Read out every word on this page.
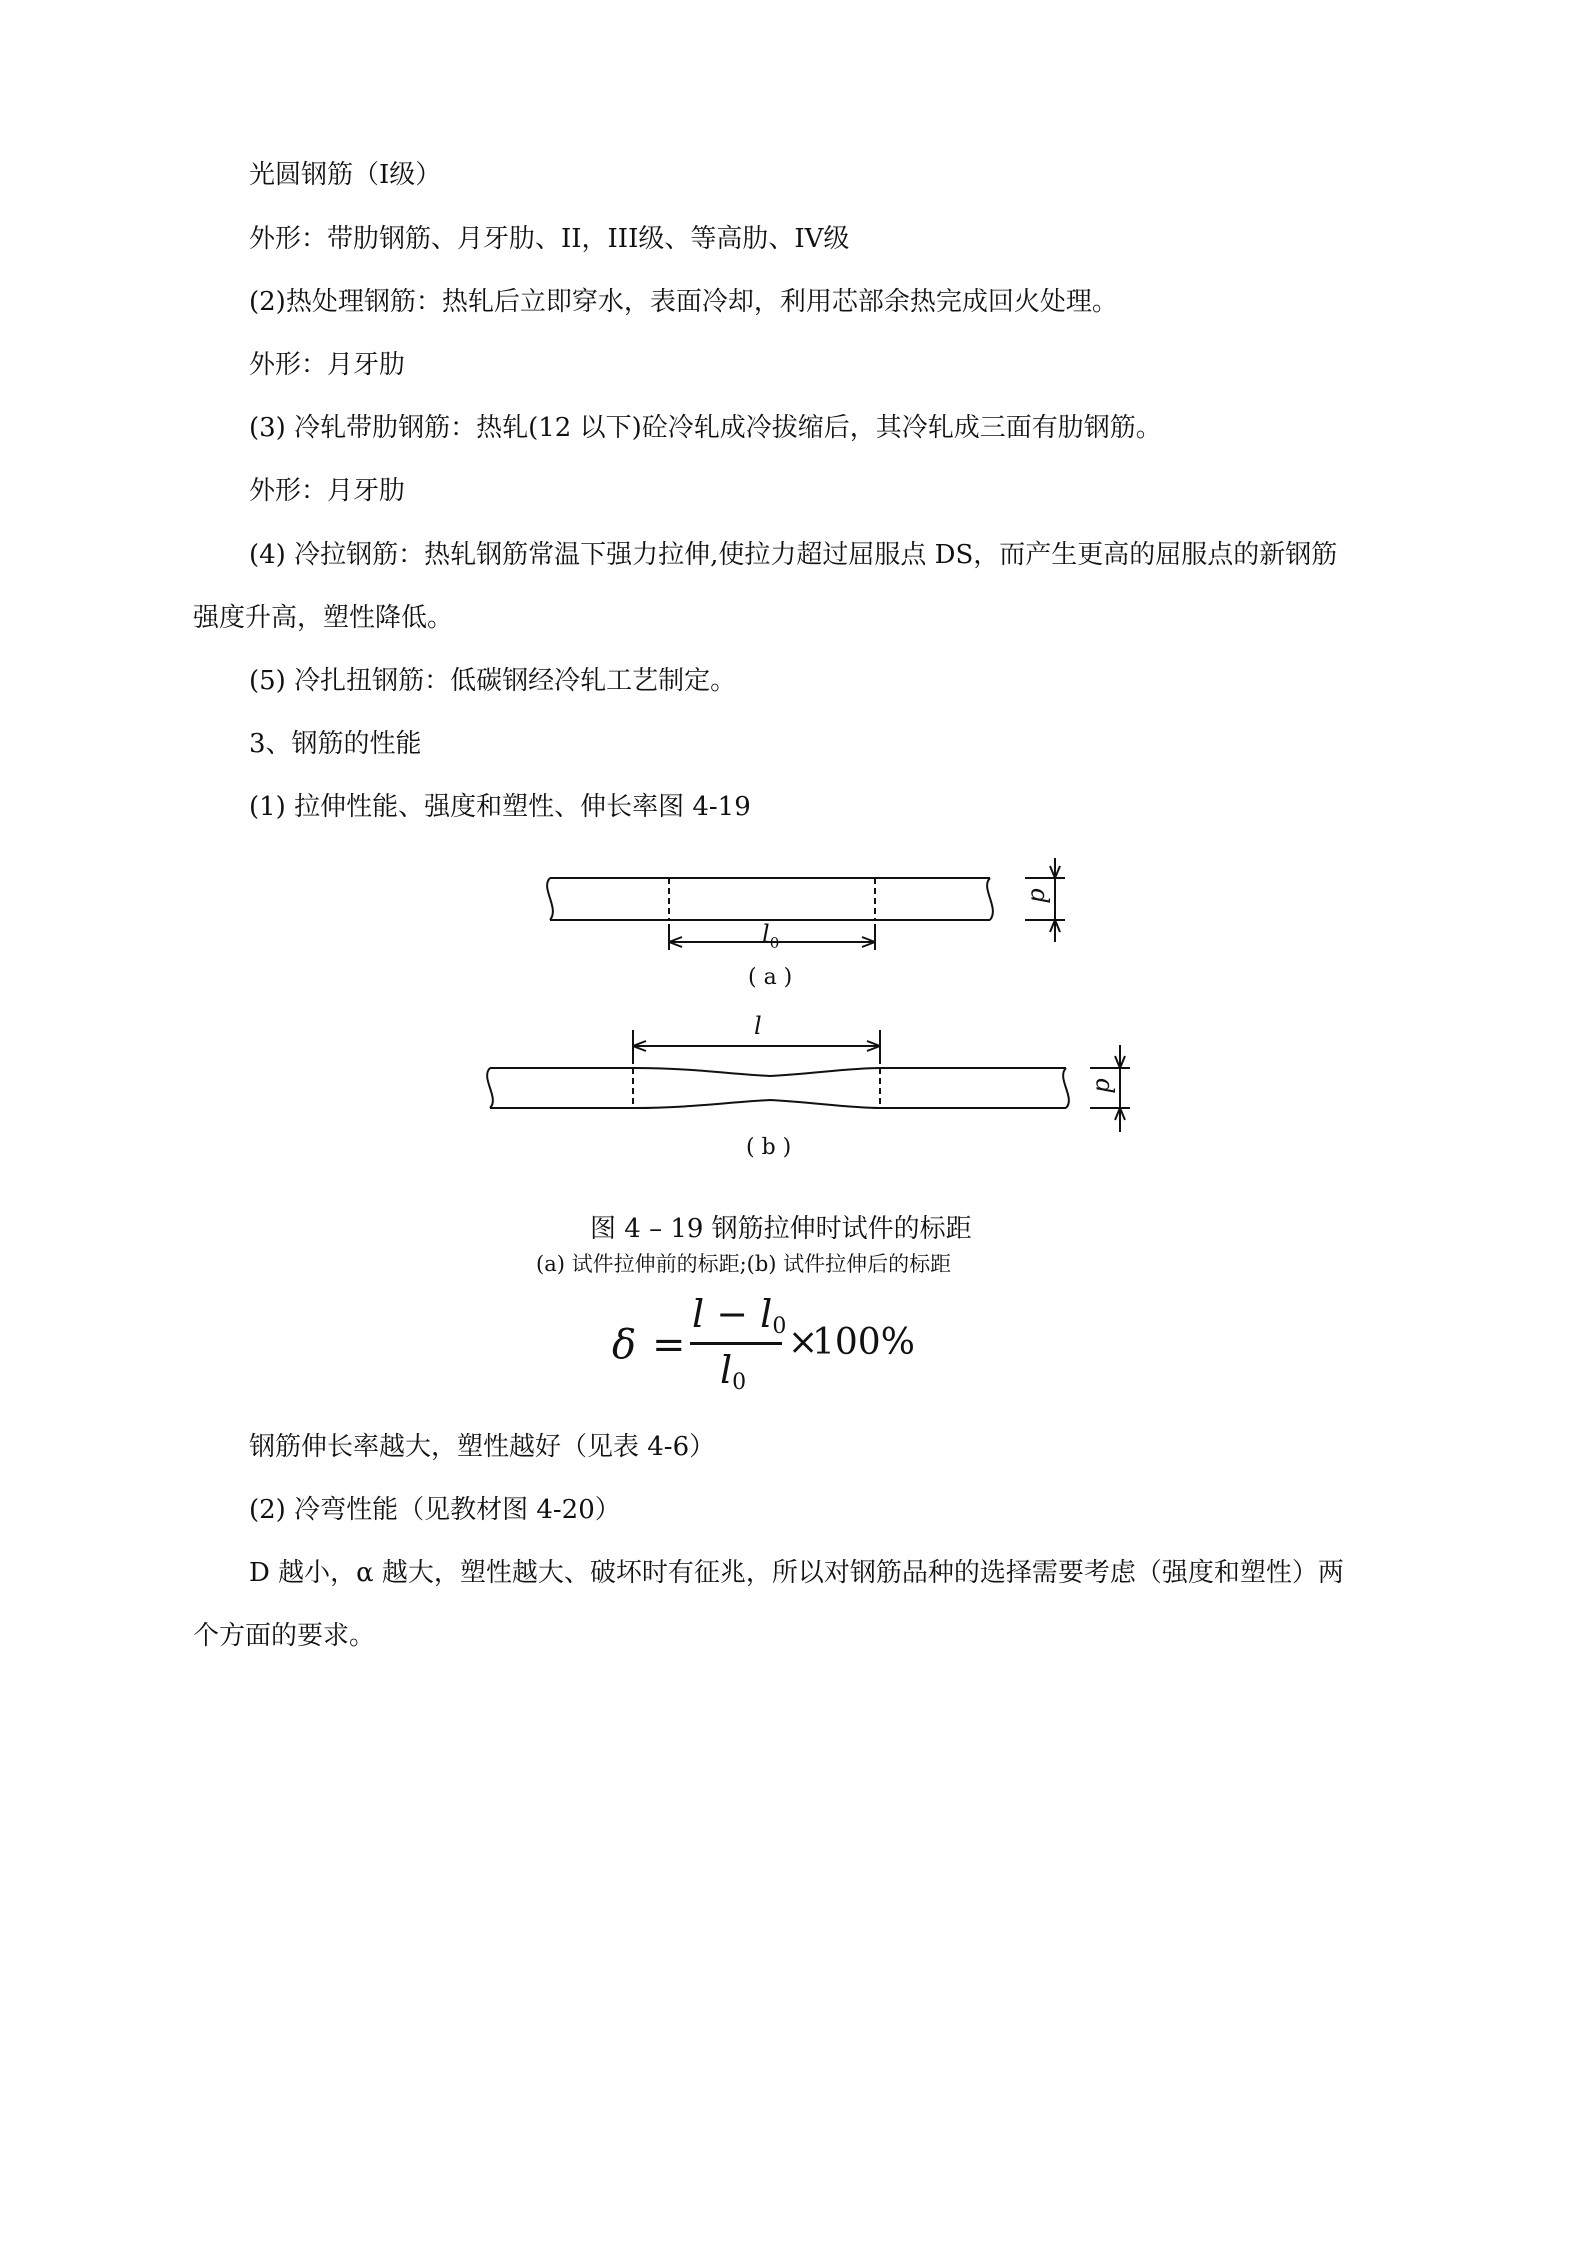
光圆钢筋（I级）

外形：带肋钢筋、月牙肋、II，III级、等高肋、IV级

(2)热处理钢筋：热轧后立即穿水，表面冷却，利用芯部余热完成回火处理。

外形：月牙肋

(3) 冷轧带肋钢筋：热轧(12 以下)砼冷轧成冷拔缩后，其冷轧成三面有肋钢筋。

外形：月牙肋

(4) 冷拉钢筋：热轧钢筋常温下强力拉伸,使拉力超过屈服点 DS，而产生更高的屈服点的新钢筋

强度升高，塑性降低。

(5) 冷扎扭钢筋：低碳钢经冷轧工艺制定。

3、钢筋的性能

(1) 拉伸性能、强度和塑性、伸长率图 4-19

d
$l_0$
( a )
l
d
( b )
图 4 – 19 钢筋拉伸时试件的标距
(a) 试件拉伸前的标距;(b) 试件拉伸后的标距
δ =
$l - l_0$
$l_0$
×
100%

钢筋伸长率越大，塑性越好（见表 4-6）

(2) 冷弯性能（见教材图 4-20）

D 越小，α 越大，塑性越大、破坏时有征兆，所以对钢筋品种的选择需要考虑（强度和塑性）两

个方面的要求。
